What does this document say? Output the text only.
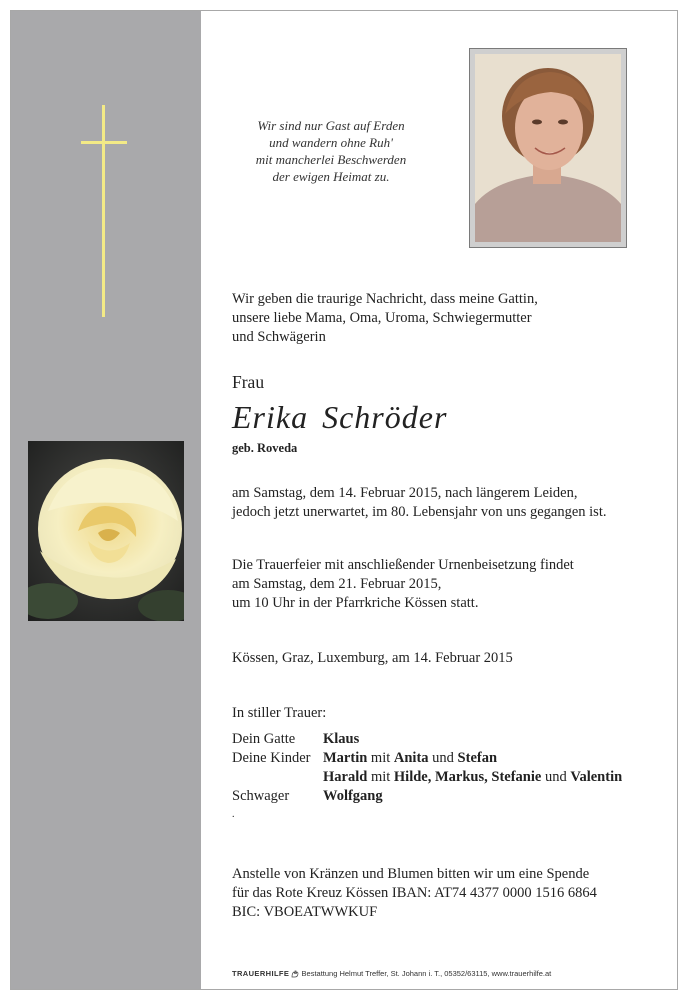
Wir sind nur Gast auf Erden
und wandern ohne Ruh'
mit mancherlei Beschwerden
der ewigen Heimat zu.
Wir geben die traurige Nachricht, dass meine Gattin,
unsere liebe Mama, Oma, Uroma, Schwiegermutter
und Schwägerin
Frau
Erika Schröder
geb. Roveda
am Samstag, dem 14. Februar 2015, nach längerem Leiden,
jedoch jetzt unerwartet, im 80. Lebensjahr von uns gegangen ist.
Die Trauerfeier mit anschließender Urnenbeisetzung findet
am Samstag, dem 21. Februar 2015,
um 10 Uhr in der Pfarrkriche Kössen statt.
Kössen, Graz, Luxemburg, am 14. Februar 2015
In stiller Trauer:
Dein Gatte	Klaus
Deine Kinder Martin mit Anita und Stefan
Harald mit Hilde, Markus, Stefanie und Valentin
Schwager	Wolfgang
.
Anstelle von Kränzen und Blumen bitten wir um eine Spende
für das Rote Kreuz Kössen IBAN: AT74 4377 0000 1516 6864
BIC: VBOEATWWKUF
TRAUERHILFE Bestattung Helmut Treffer, St. Johann i. T., 05352/63115, www.trauerhilfe.at
